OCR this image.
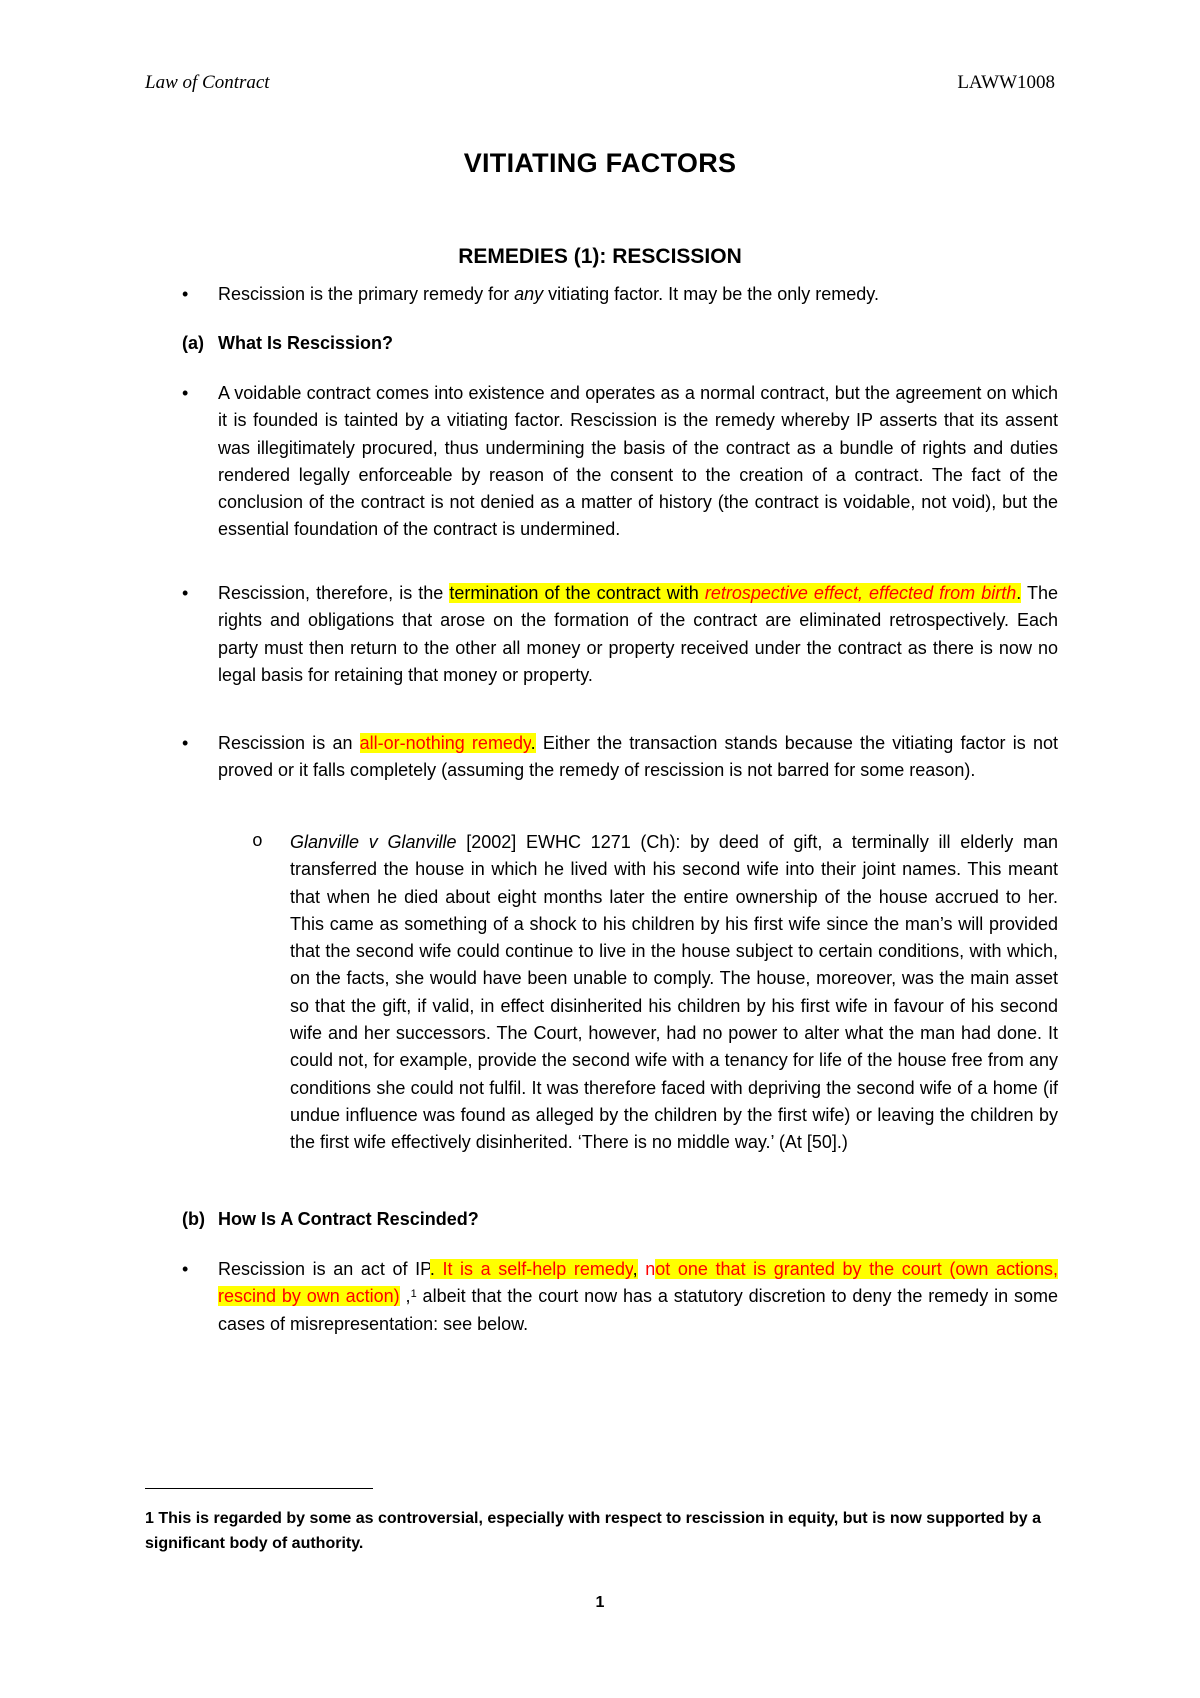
Law of Contract	LAWW1008
VITIATING FACTORS
REMEDIES (1): RESCISSION
• Rescission is the primary remedy for any vitiating factor. It may be the only remedy.
(a) What Is Rescission?
• A voidable contract comes into existence and operates as a normal contract, but the agreement on which it is founded is tainted by a vitiating factor. Rescission is the remedy whereby IP asserts that its assent was illegitimately procured, thus undermining the basis of the contract as a bundle of rights and duties rendered legally enforceable by reason of the consent to the creation of a contract. The fact of the conclusion of the contract is not denied as a matter of history (the contract is voidable, not void), but the essential foundation of the contract is undermined.
• Rescission, therefore, is the termination of the contract with retrospective effect, effected from birth. The rights and obligations that arose on the formation of the contract are eliminated retrospectively. Each party must then return to the other all money or property received under the contract as there is now no legal basis for retaining that money or property.
• Rescission is an all-or-nothing remedy. Either the transaction stands because the vitiating factor is not proved or it falls completely (assuming the remedy of rescission is not barred for some reason).
o Glanville v Glanville [2002] EWHC 1271 (Ch): by deed of gift, a terminally ill elderly man transferred the house in which he lived with his second wife into their joint names. This meant that when he died about eight months later the entire ownership of the house accrued to her. This came as something of a shock to his children by his first wife since the man’s will provided that the second wife could continue to live in the house subject to certain conditions, with which, on the facts, she would have been unable to comply. The house, moreover, was the main asset so that the gift, if valid, in effect disinherited his children by his first wife in favour of his second wife and her successors. The Court, however, had no power to alter what the man had done. It could not, for example, provide the second wife with a tenancy for life of the house free from any conditions she could not fulfil. It was therefore faced with depriving the second wife of a home (if undue influence was found as alleged by the children by the first wife) or leaving the children by the first wife effectively disinherited. ‘There is no middle way.’ (At [50].)
(b) How Is A Contract Rescinded?
• Rescission is an act of IP. It is a self-help remedy, not one that is granted by the court (own actions, rescind by own action) ,$^1$ albeit that the court now has a statutory discretion to deny the remedy in some cases of misrepresentation: see below.
1 This is regarded by some as controversial, especially with respect to rescission in equity, but is now supported by a significant body of authority.
1
